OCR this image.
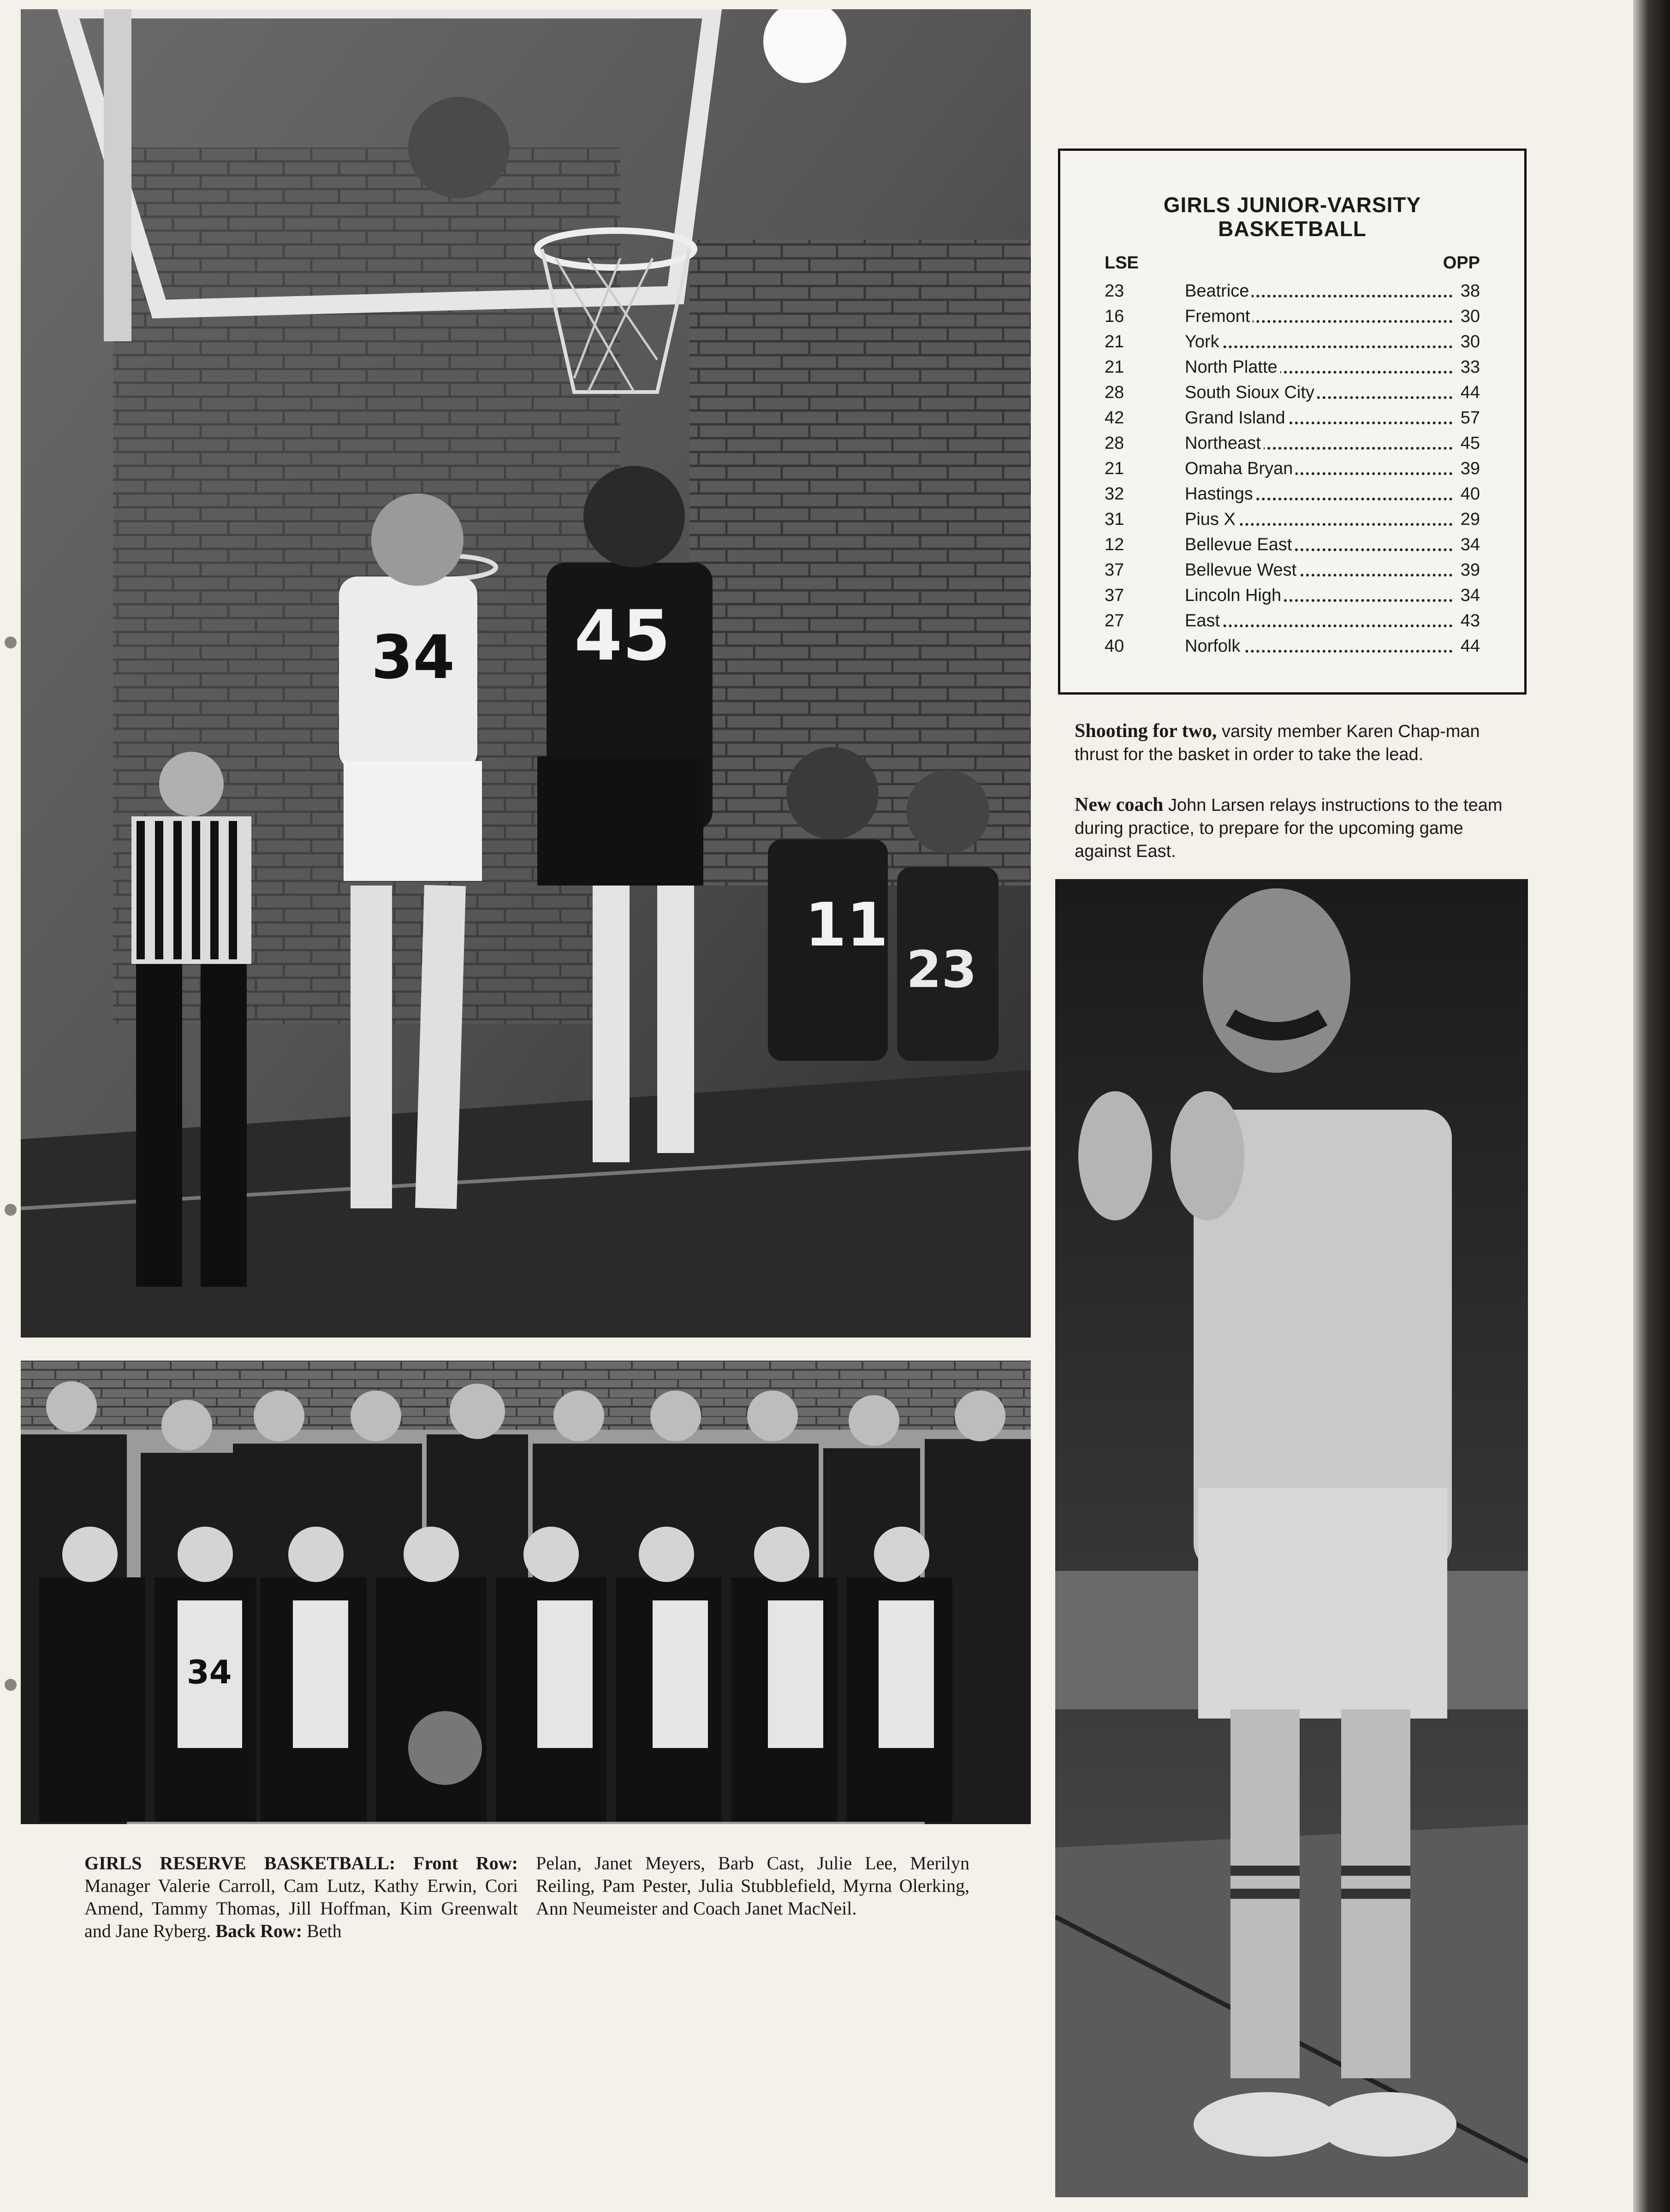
34 45
11
23
34
GIRLS JUNIOR-VARSITY
BASKETBALL
LSE	OPP
23	Beatrice	38
16	Fremont	30
21	York	30
21	North Platte	33
28	South Sioux City	44
42	Grand Island	57
28	Northeast	45
21	Omaha Bryan	39
32	Hastings	40
31	Pius X	29
12	Bellevue East	34
37	Bellevue West	39
37	Lincoln High	34
27	East	43
40	Norfolk	44
Shooting for two, varsity member Karen Chap-man thrust for the basket in order to take the lead.
New coach John Larsen relays instructions to the team during practice, to prepare for the upcoming game against East.
GIRLS RESERVE BASKETBALL: Front Row: Manager Valerie Carroll, Cam Lutz, Kathy Erwin, Cori Amend, Tammy Thomas, Jill Hoffman, Kim Greenwalt and Jane Ryberg. Back Row: Beth
Pelan, Janet Meyers, Barb Cast, Julie Lee, Merilyn Reiling, Pam Pester, Julia Stubblefield, Myrna Olerking, Ann Neumeister and Coach Janet MacNeil.
